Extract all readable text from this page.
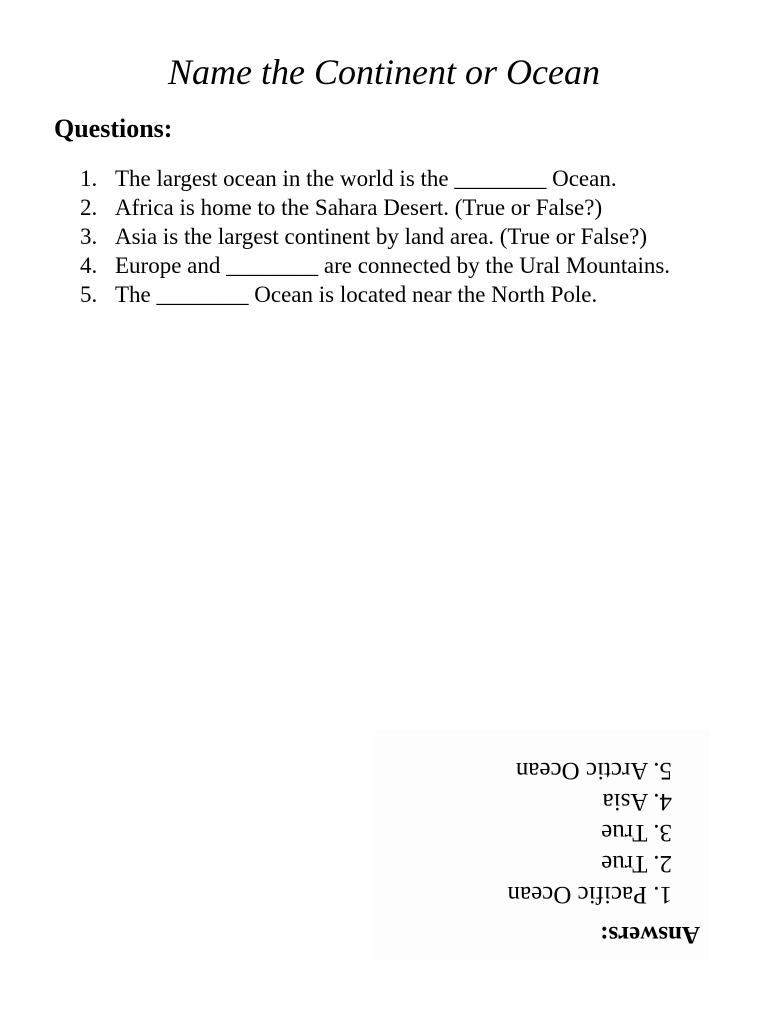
Name the Continent or Ocean
Questions:
1. The largest ocean in the world is the ________ Ocean.
2. Africa is home to the Sahara Desert. (True or False?)
3. Asia is the largest continent by land area. (True or False?)
4. Europe and ________ are connected by the Ural Mountains.
5. The ________ Ocean is located near the North Pole.
Answers:
1. Pacific Ocean
2. True
3. True
4. Asia
5. Arctic Ocean
